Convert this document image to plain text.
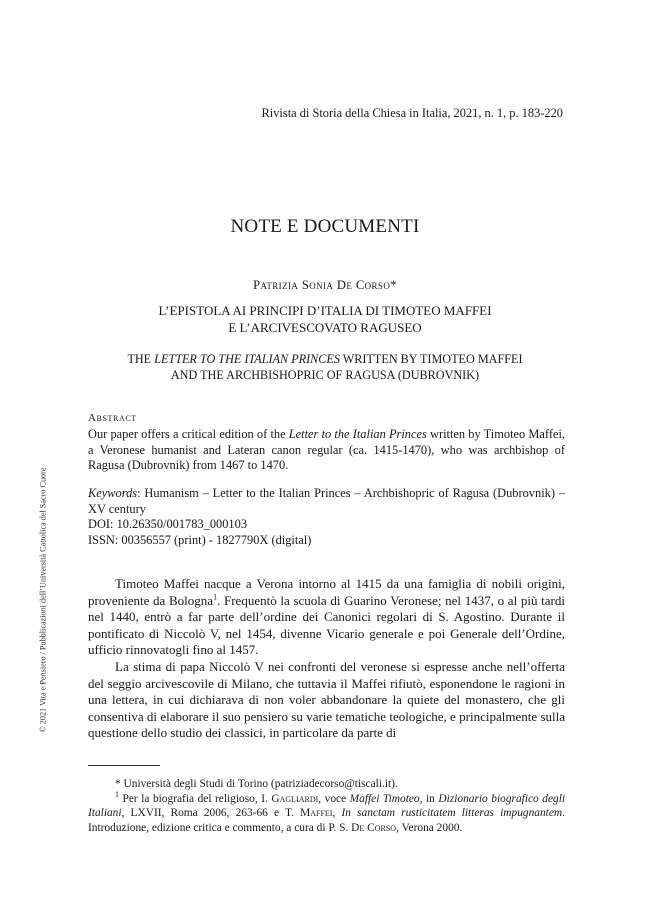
Rivista di Storia della Chiesa in Italia, 2021, n. 1, p. 183-220
NOTE E DOCUMENTI
Patrizia Sonia De Corso*
L’EPISTOLA AI PRINCIPI D’ITALIA DI TIMOTEO MAFFEI
E L’ARCIVESCOVATO RAGUSEO
THE LETTER TO THE ITALIAN PRINCES WRITTEN BY TIMOTEO MAFFEI
AND THE ARCHBISHOPRIC OF RAGUSA (DUBROVNIK)
Abstract
Our paper offers a critical edition of the Letter to the Italian Princes written by Timoteo Maffei, a Veronese humanist and Lateran canon regular (ca. 1415-1470), who was archbishop of Ragusa (Dubrovnik) from 1467 to 1470.
Keywords: Humanism – Letter to the Italian Princes – Archbishopric of Ragusa (Dubrovnik) – XV century
DOI: 10.26350/001783_000103
ISSN: 00356557 (print) - 1827790X (digital)

Timoteo Maffei nacque a Verona intorno al 1415 da una famiglia di nobili origini, proveniente da Bologna$^1$. Frequentò la scuola di Guarino Veronese; nel 1437, o al più tardi nel 1440, entrò a far parte dell’ordine dei Canonici regolari di S. Agostino. Durante il pontificato di Niccolò V, nel 1454, divenne Vicario generale e poi Generale dell’Ordine, ufficio rinnovatogli fino al 1457.

La stima di papa Niccolò V nei confronti del veronese si espresse anche nell’offerta del seggio arcivescovile di Milano, che tuttavia il Maffei rifiutò, esponendone le ragioni in una lettera, in cui dichiarava di non voler abbandonare la quiete del monastero, che gli consentiva di elaborare il suo pensiero su varie tematiche teologiche, e principalmente sulla questione dello studio dei classici, in particolare da parte di

* Università degli Studi di Torino (patriziadecorso@tiscali.it).

$^1$ Per la biografia del religioso, I. Gagliardi, voce Maffei Timoteo, in Dizionario biografico degli Italiani, LXVII, Roma 2006, 263-66 e T. Maffei, In sanctam rusticitatem litteras impugnantem. Introduzione, edizione critica e commento, a cura di P. S. De Corso, Verona 2000.

© 2021 Vita e Pensiero / Pubblicazioni dell’Università Cattolica del Sacro Cuore
